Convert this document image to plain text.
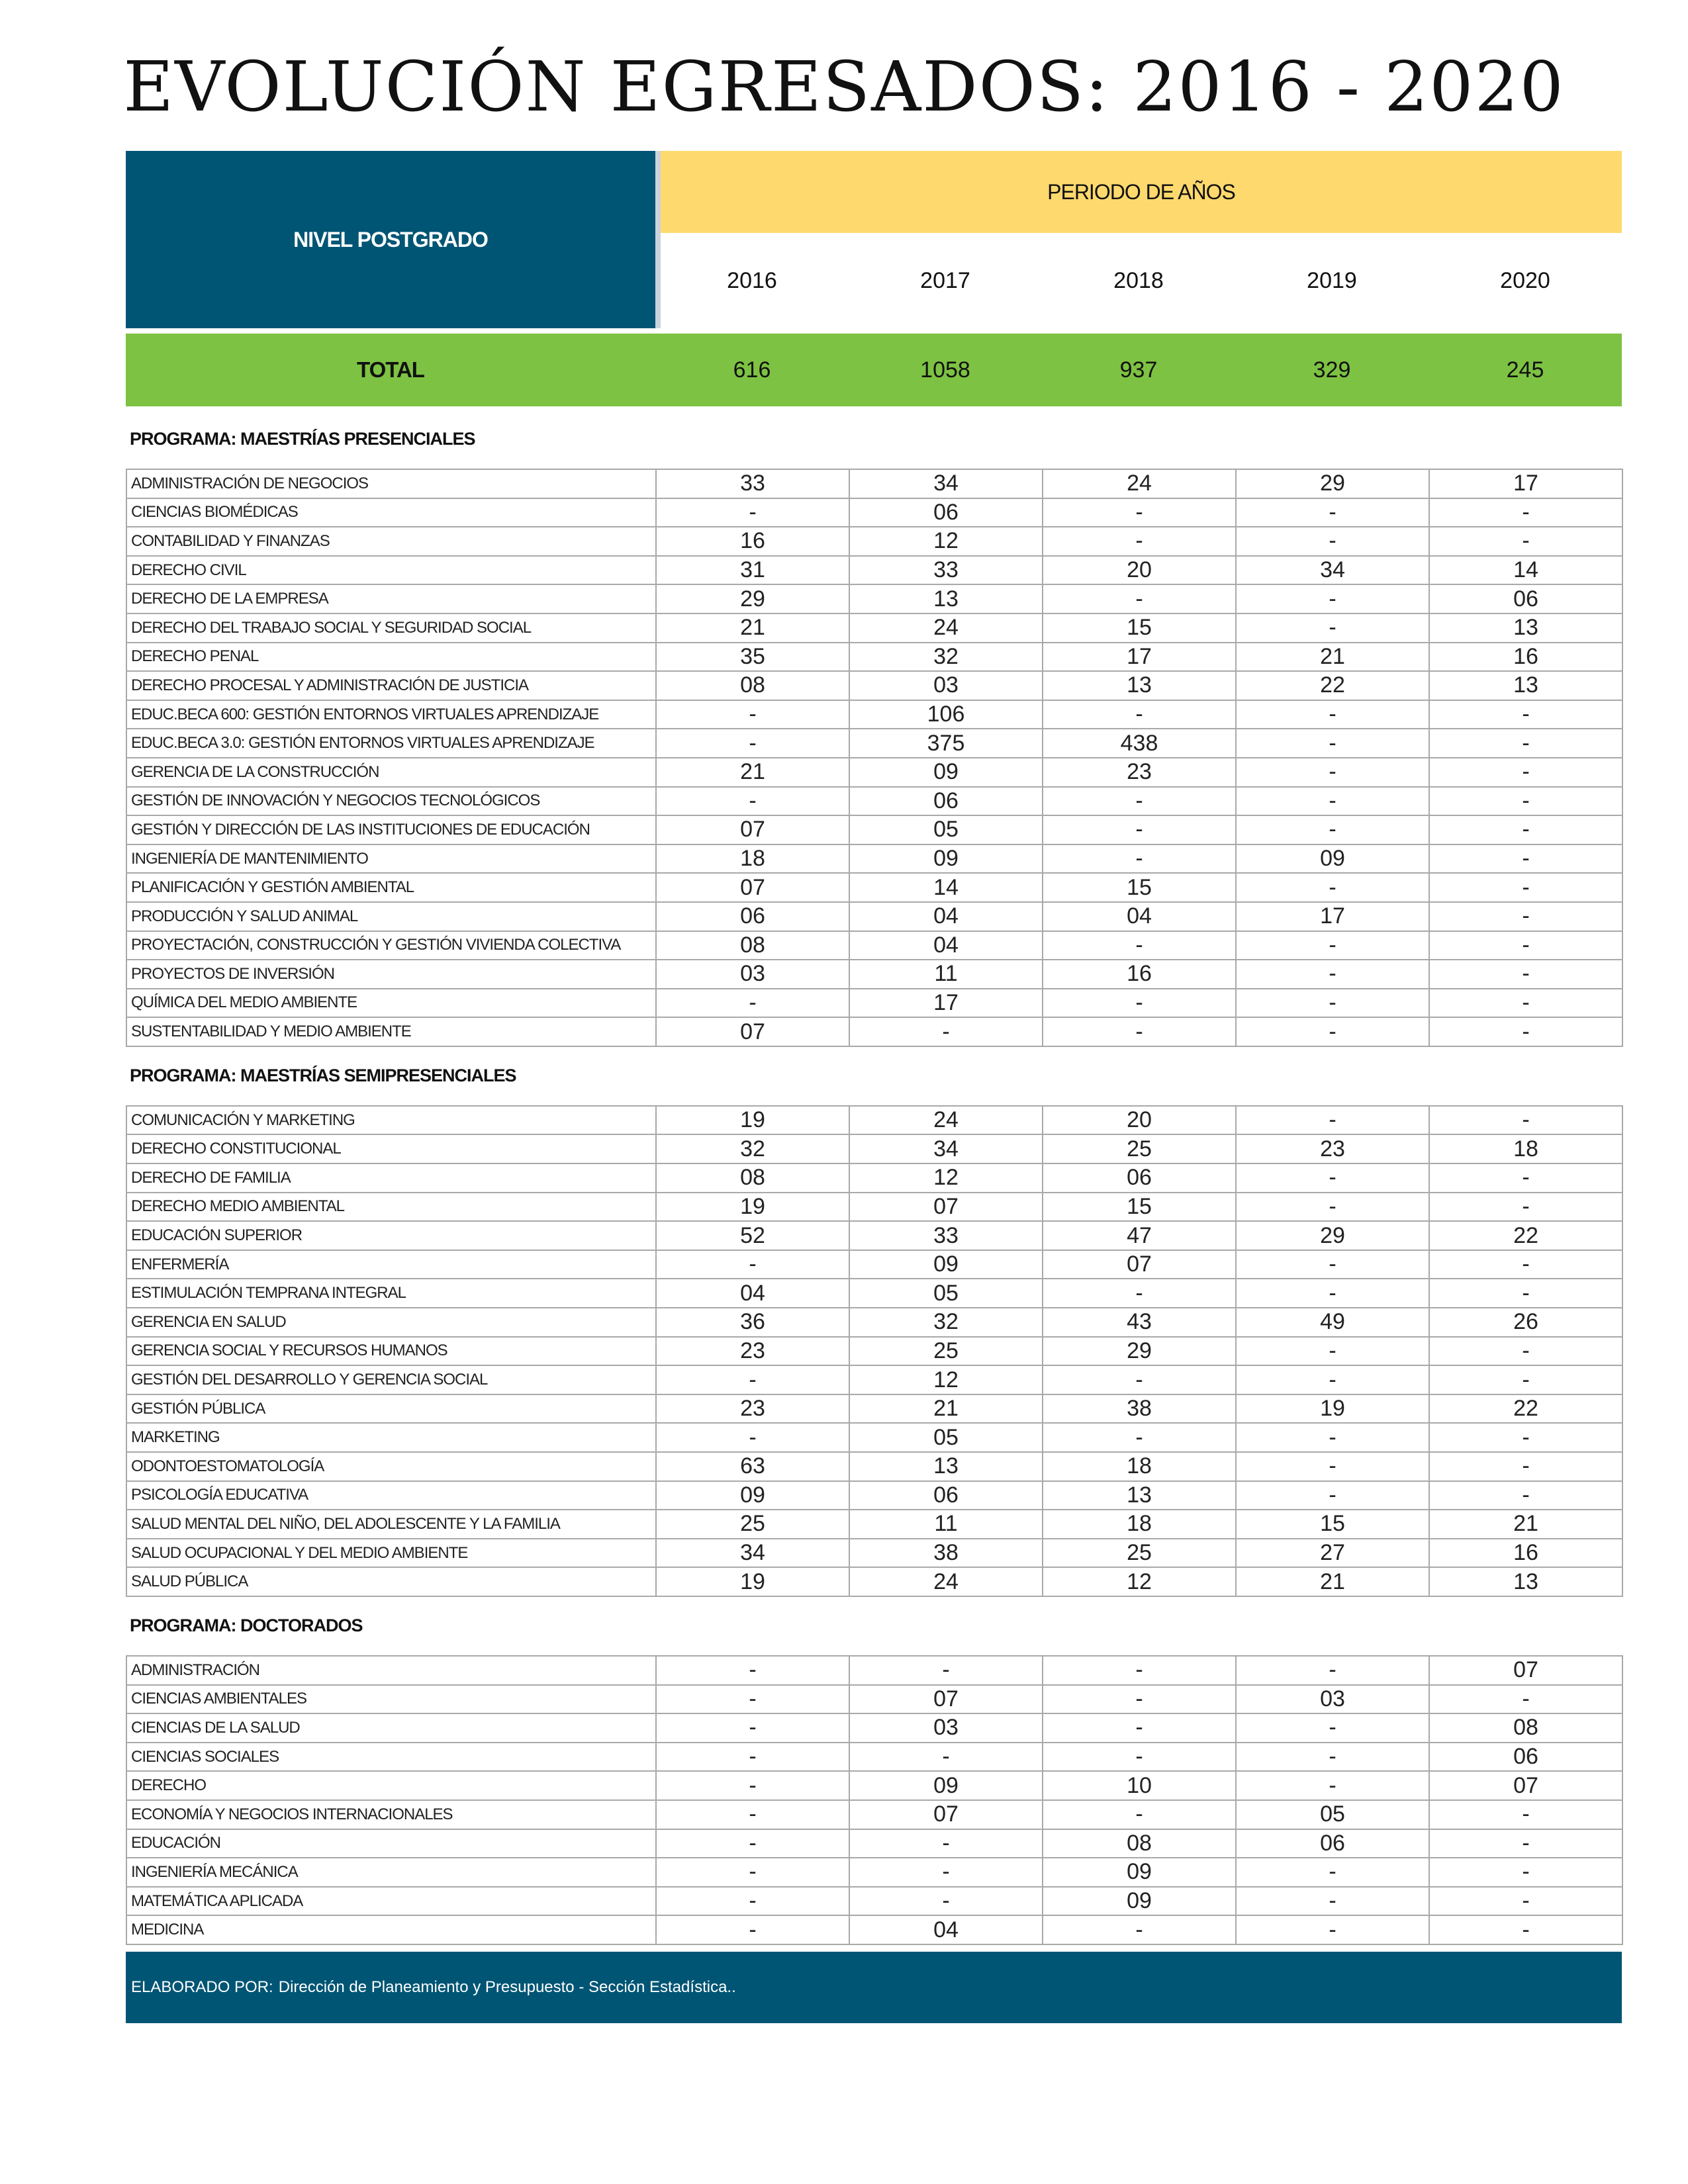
EVOLUCIÓN EGRESADOS: 2016 - 2020
NIVEL POSTGRADO
PERIODO DE AÑOS
2016	2017	2018	2019	2020
TOTAL	616	1058	937	329	245
PROGRAMA: MAESTRÍAS PRESENCIALES
ADMINISTRACIÓN DE NEGOCIOS	33	34	24	29	17
CIENCIAS BIOMÉDICAS	-	06	-	-	-
CONTABILIDAD Y FINANZAS	16	12	-	-	-
DERECHO CIVIL	31	33	20	34	14
DERECHO DE LA EMPRESA	29	13	-	-	06
DERECHO DEL TRABAJO SOCIAL Y SEGURIDAD SOCIAL	21	24	15	-	13
DERECHO PENAL	35	32	17	21	16
DERECHO PROCESAL Y ADMINISTRACIÓN DE JUSTICIA	08	03	13	22	13
EDUC.BECA 600: GESTIÓN ENTORNOS VIRTUALES APRENDIZAJE	-	106	-	-	-
EDUC.BECA 3.0: GESTIÓN ENTORNOS VIRTUALES APRENDIZAJE	-	375	438	-	-
GERENCIA DE LA CONSTRUCCIÓN	21	09	23	-	-
GESTIÓN DE INNOVACIÓN Y NEGOCIOS TECNOLÓGICOS	-	06	-	-	-
GESTIÓN Y DIRECCIÓN DE LAS INSTITUCIONES DE EDUCACIÓN	07	05	-	-	-
INGENIERÍA DE MANTENIMIENTO	18	09	-	09	-
PLANIFICACIÓN Y GESTIÓN AMBIENTAL	07	14	15	-	-
PRODUCCIÓN Y SALUD ANIMAL	06	04	04	17	-
PROYECTACIÓN, CONSTRUCCIÓN Y GESTIÓN VIVIENDA COLECTIVA	08	04	-	-	-
PROYECTOS DE INVERSIÓN	03	11	16	-	-
QUÍMICA DEL MEDIO AMBIENTE	-	17	-	-	-
SUSTENTABILIDAD Y MEDIO AMBIENTE	07	-	-	-	-
PROGRAMA: MAESTRÍAS SEMIPRESENCIALES
COMUNICACIÓN Y MARKETING	19	24	20	-	-
DERECHO CONSTITUCIONAL	32	34	25	23	18
DERECHO DE FAMILIA	08	12	06	-	-
DERECHO MEDIO AMBIENTAL	19	07	15	-	-
EDUCACIÓN SUPERIOR	52	33	47	29	22
ENFERMERÍA	-	09	07	-	-
ESTIMULACIÓN TEMPRANA INTEGRAL	04	05	-	-	-
GERENCIA EN SALUD	36	32	43	49	26
GERENCIA SOCIAL Y RECURSOS HUMANOS	23	25	29	-	-
GESTIÓN DEL DESARROLLO Y GERENCIA SOCIAL	-	12	-	-	-
GESTIÓN PÚBLICA	23	21	38	19	22
MARKETING	-	05	-	-	-
ODONTOESTOMATOLOGÍA	63	13	18	-	-
PSICOLOGÍA EDUCATIVA	09	06	13	-	-
SALUD MENTAL DEL NIÑO, DEL ADOLESCENTE Y LA FAMILIA	25	11	18	15	21
SALUD OCUPACIONAL Y DEL MEDIO AMBIENTE	34	38	25	27	16
SALUD PÚBLICA	19	24	12	21	13
PROGRAMA: DOCTORADOS
ADMINISTRACIÓN	-	-	-	-	07
CIENCIAS AMBIENTALES	-	07	-	03	-
CIENCIAS DE LA SALUD	-	03	-	-	08
CIENCIAS SOCIALES	-	-	-	-	06
DERECHO	-	09	10	-	07
ECONOMÍA Y NEGOCIOS INTERNACIONALES	-	07	-	05	-
EDUCACIÓN	-	-	08	06	-
INGENIERÍA MECÁNICA	-	-	09	-	-
MATEMÁTICA APLICADA	-	-	09	-	-
MEDICINA	-	04	-	-	-
ELABORADO POR: Dirección de Planeamiento y Presupuesto - Sección Estadística..
